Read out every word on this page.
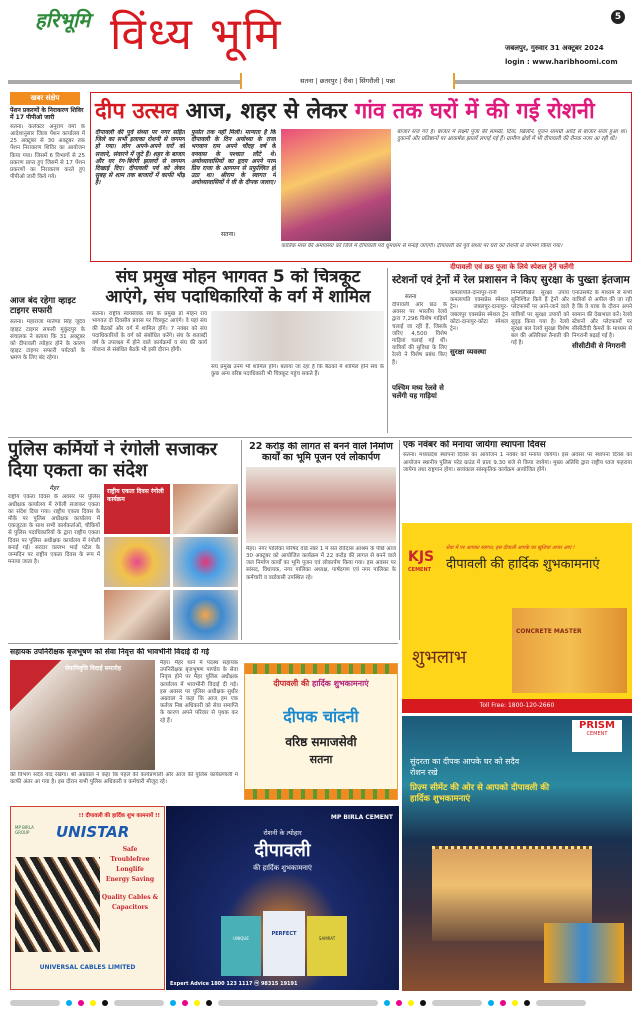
हरिभूमि विंध्य भूमि	5
जबलपुर, गुरुवार 31 अक्टूबर 2024
login : www.haribhoomi.com
सतना | छतरपुर | रीवा | सिंगरौली | पन्ना
खबर संक्षेप
पेंशन प्रकरणों के निराकरण शिविर में 17 पीपीओ जारी
सतना। कलेक्टर अनुराग वर्मा के आदेशानुसार जिला पेंशन कार्यालय में 25 अक्टूबर से 30 अक्टूबर तक पेंशन निराकरण शिविर का आयोजन किया गया। जिसमें 6 विभागों से 25 प्रकरण प्राप्त हुए जिसमें से 17 पेंशन प्रकरणों का निराकरण करते हुए पीपीओ जारी किये गये।
आज बंद रहेगा व्हाइट टाइगर सफारी
सतना। महाराजा मार्तण्ड सिंह जूदेव व्हाइट टाइगर सफारी मुकुंदपुर के संचालक ने बताया कि 31 अक्टूबर को दीपावली त्योहार होने के कारण व्हाइट टाइगर सफारी पर्यटकों के भ्रमण के लिए बंद रहेगा।
दीप उत्सव आज, शहर से लेकर गांव तक घरों में की गई रोशनी
दीपावली की पूर्व संध्या पर नगर सहित जिले का सभी इलाका रोशनी से जगमग हो गया। लोग अपने-अपने घरों को सजाने, संवारने में जुटे हैं। शहर के बाजार और घर रंग-बिरंगी झालरों से जगमग दिखाई दिए। दीपावली पर्व को लेकर सुबह से शाम तक बाजारों में काफी भीड़ है।
फुर्सत तक नहीं मिली। मान्यता है कि दीपावली के दिन अयोध्या के राजा भगवान राम अपने चौदह वर्ष के वनवास के पश्चात लौटे थे। अयोध्यावासियों का हृदय अपने परम प्रिय राजा के आगमन से प्रफुल्लित हो उठा था। श्रीराम के स्वागत में अयोध्यावासियों ने घी के दीपक जलाए।
सतना।
कार्तिक मास की अमावस्या को जिले में दीपावली पर्व धूमधाम से मनाई जाएगी। दीपावली को पूर्व संध्या पर घरों को रोशनी से जगमग किया गया।
बाजार सज गए हैं। बाजार में लक्ष्मी पूजा की सामग्री, दिया, खिलौने, पूजन सामग्री आदि से बाजार सजा हुआ था। दुकानों और प्रतिष्ठानों पर आकर्षक झालरें लगाई गई हैं। ग्रामीण क्षेत्रों में भी दीपावली की रौनक नजर आ रही थी।
संघ प्रमुख मोहन भागवत 5 को चित्रकूट आएंगे, संघ पदाधिकारियों के वर्ग में शामिल
सतना। राष्ट्रीय स्वयंसेवक संघ के प्रमुख डॉ मोहन राव भागवत दो दिवसीय प्रवास पर चित्रकूट आएंगे। वे यहां संघ की बैठकों और वर्ग में शामिल होंगे। 7 नवंबर को संघ पदाधिकारियों के वर्ग को संबोधित करेंगे। संघ के शताब्दी वर्ष के उपलक्ष्य में होने वाले कार्यक्रमों व संघ की कार्य योजना से संबंधित बैठकें भी इसी दौरान होंगी।
संघ प्रमुख उनमें भी शामिल होंगे। बताया जा रहा है कि बैठकों में शामिल होने संघ के कुछ अन्य वरिष्ठ पदाधिकारी भी चित्रकूट पहुंच सकते हैं।
दीपावली एवं छठ पूजा के लिये स्पेशल ट्रेनें चलेंगी
स्टेशनों एवं ट्रेनों में रेल प्रशासन ने किए सुरक्षा के पुख्ता इंतजाम
सतना
दीपावली और छठ के अवसर पर भारतीय रेलवे द्वारा 7,296 विशेष गाड़ियाँ चलाई जा रही हैं, जिसके जरिए 4,500 विशेष गाड़ियां चलाई गई थीं। यात्रियों की सुविधा के लिए रेलवे ने विशेष प्रबंध किए हैं।
पश्चिम मध्य रेलवे से चलेंगी यह गाड़ियां
कमलापति-दानापुर-रानी कमलापति एक्सप्रेस स्पेशल ट्रेन। जबलपुर-दानापुर-जबलपुर एक्सप्रेस स्पेशल ट्रेन कोटा-दानापुर-कोटा स्पेशल ट्रेन।
सुरक्षा व्यवस्था
निम्नलिखित सुरक्षा उपाय सुनिश्चित किये हैं ट्रेनों और प्लेटफार्मों पर आने-जाने वाले यात्रियों पर सुरक्षा उपायों को सुदृढ़ किया गया है। रेलवे सुरक्षा बल रेलवे सुरक्षा विशेष बल की अतिरिक्त तैनाती की गई है।
एनाउंसमेंट के माध्यम से सभी यात्रियों से अपील की जा रही है कि वे यात्रा के दौरान अपने सामान की देखभाल करें। रेलवे स्टेशनों और प्लेटफार्मों पर सीसीटीवी कैमरों के माध्यम से निगरानी बढ़ाई गई है।
सीसीटीवी से निगरानी
पुलिस कर्मियों ने रंगोली सजाकर दिया एकता का संदेश
मैहर
राष्ट्रीय एकता दिवस के अवसर पर पुलिस अधीक्षक कार्यालय में रंगोली सजाकर एकता का संदेश दिया गया। राष्ट्रीय एकता दिवस के मौके पर पुलिस अधीक्षक कार्यालय में एकजुटता के साथ सभी कार्यकर्ताओं, चौकियों से पुलिस पदाधिकारियों के द्वारा राष्ट्रीय एकता दिवस पर पुलिस अधीक्षक कार्यालय में रंगोली बनाई गई। सरदार वल्लभ भाई पटेल के जन्मदिन पर राष्ट्रीय एकता दिवस के रूप में मनाया जाता है।
राष्ट्रीय एकता दिवस रंगोली कार्यक्रम
22 करोड़ की लागत से बनने वाले निर्माण कार्यों का भूमि पूजन एवं लोकार्पण
मैहर। नगर पालिका परिषद वार्ड नंबर 1 में संत रविदास आश्रम के पीछे आज 30 अक्टूबर को आयोजित कार्यक्रम में 22 करोड़ की लागत से बनने वाले जल निर्माण कार्यों का भूमि पूजन एवं लोकार्पण किया गया। इस अवसर पर सांसद, विधायक, नगर पालिका अध्यक्ष, पार्षदगण एवं नगर पालिका के कर्मचारी व वार्डवासी उपस्थित रहे।
एक नवंबर को मनाया जायेगा स्थापना दिवस
सतना। मध्यप्रदेश स्थापना दिवस का आयोजन 1 नवंबर को मनाया जायेगा। इस अवसर पर स्थापना दिवस का आयोजन स्थानीय पुलिस परेड ग्राउंड में प्रातः 9.30 बजे से किया जायेगा। मुख्य अतिथि द्वारा राष्ट्रीय ध्वज फहराया जायेगा तथा राष्ट्रगान होगा। सायंकाल सांस्कृतिक कार्यक्रम आयोजित होंगे।
KJS
CEMENT
सेवा में पर आपका स्वागत, इस दीवाली आपके घर खुशियां अपार आएं !
दीपावली की हार्दिक शुभकामनाएं
शुभलाभ
CONCRETE MASTER
Toll Free: 1800-120-2660
सहायक उपनिरीक्षक बृजभूषण को सेवा निवृत्त की भावभीनी विदाई दी गई
सेवानिवृत्ति विदाई समारोह
मैहर। मैहर थाने में पदस्थ सहायक उपनिरीक्षक बृजभूषण पाण्डेय के सेवा निवृत्त होने पर मैहर पुलिस अधीक्षक कार्यालय में भावभीनी विदाई दी गई। इस अवसर पर पुलिस अधीक्षक सुधीर अग्रवाल ने कहा कि आज हम एक कर्तव्य निष्ठ अधिकारी को सेवा समाप्ति के कारण अपने परिवार से पृथक कर रहे हैं।
की विभाग सदैव याद रखेगा। श्री अग्रवाल ने कहा कि पहले की कार्यप्रणाली और आज की पुलिस कार्यप्रणाली में काफी अंतर आ गया है। इस दौरान सभी पुलिस अधिकारी व कर्मचारी मौजूद रहे।
दीपावली की हार्दिक शुभकामनाएं
दीपक चांदनी
वरिष्ठ समाजसेवी
सतना
PRISM
CEMENT
सुंदरता का दीपक आपके घर को सदैव रोशन रखे
प्रिज़्म सीमेंट की ओर से आपको दीपावली की हार्दिक शुभकामनाएं
!! दीपावली की हार्दिक शुभ कामनायें !!
MP BIRLA GROUP	UNISTAR
Safe
Troublefree
Longlife
Energy Saving
Quality Cables & Capacitors
UNIVERSAL CABLES LIMITED
MP BIRLA CEMENT
रोशनी के त्योहार
दीपावली
की हार्दिक शुभकामनाएं
UNIQUE
PERFECT
SAMRAT
Expert Advice 1800 123 1117 ⓦ 98315 19191
